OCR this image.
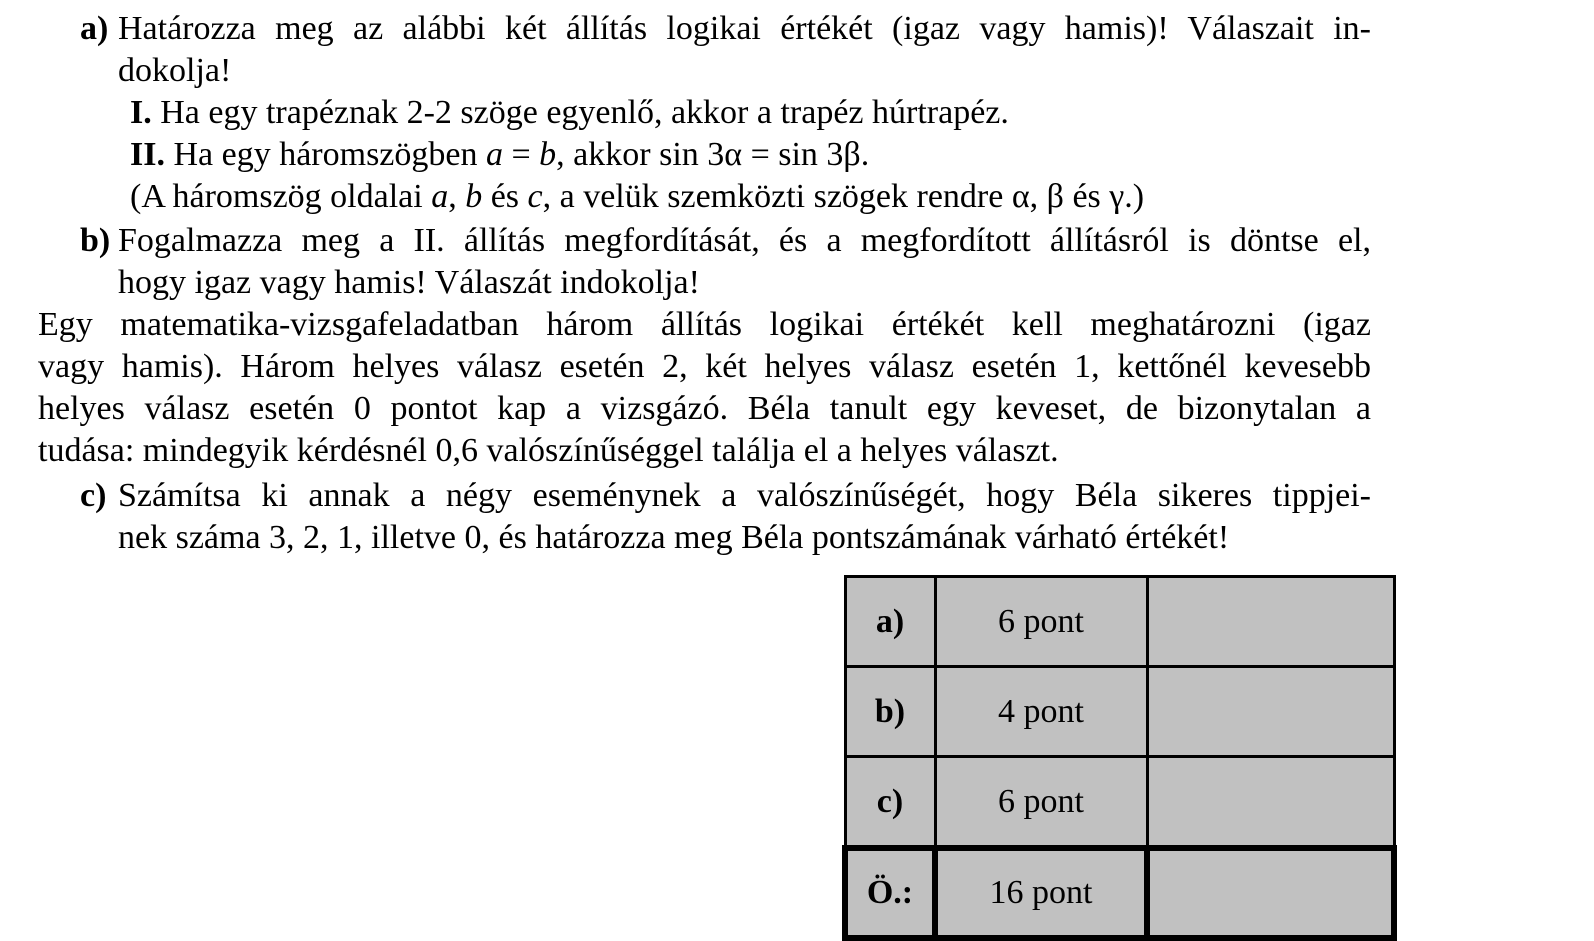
a) Határozza meg az alábbi két állítás logikai értékét (igaz vagy hamis)! Válaszait in-
dokolja!
I. Ha egy trapéznak 2-2 szöge egyenlő, akkor a trapéz húrtrapéz.
II. Ha egy háromszögben a = b, akkor sin 3α = sin 3β.
(A háromszög oldalai a, b és c, a velük szemközti szögek rendre α, β és γ.)
b) Fogalmazza meg a II. állítás megfordítását, és a megfordított állításról is döntse el,
hogy igaz vagy hamis! Válaszát indokolja!
Egy matematika-vizsgafeladatban három állítás logikai értékét kell meghatározni (igaz
vagy hamis). Három helyes válasz esetén 2, két helyes válasz esetén 1, kettőnél kevesebb
helyes válasz esetén 0 pontot kap a vizsgázó. Béla tanult egy keveset, de bizonytalan a
tudása: mindegyik kérdésnél 0,6 valószínűséggel találja el a helyes választ.
c) Számítsa ki annak a négy eseménynek a valószínűségét, hogy Béla sikeres tippjei-
nek száma 3, 2, 1, illetve 0, és határozza meg Béla pontszámának várható értékét!
a)	6 pont	
b)	4 pont	
c)	6 pont	
Ö.:	16 pont	
